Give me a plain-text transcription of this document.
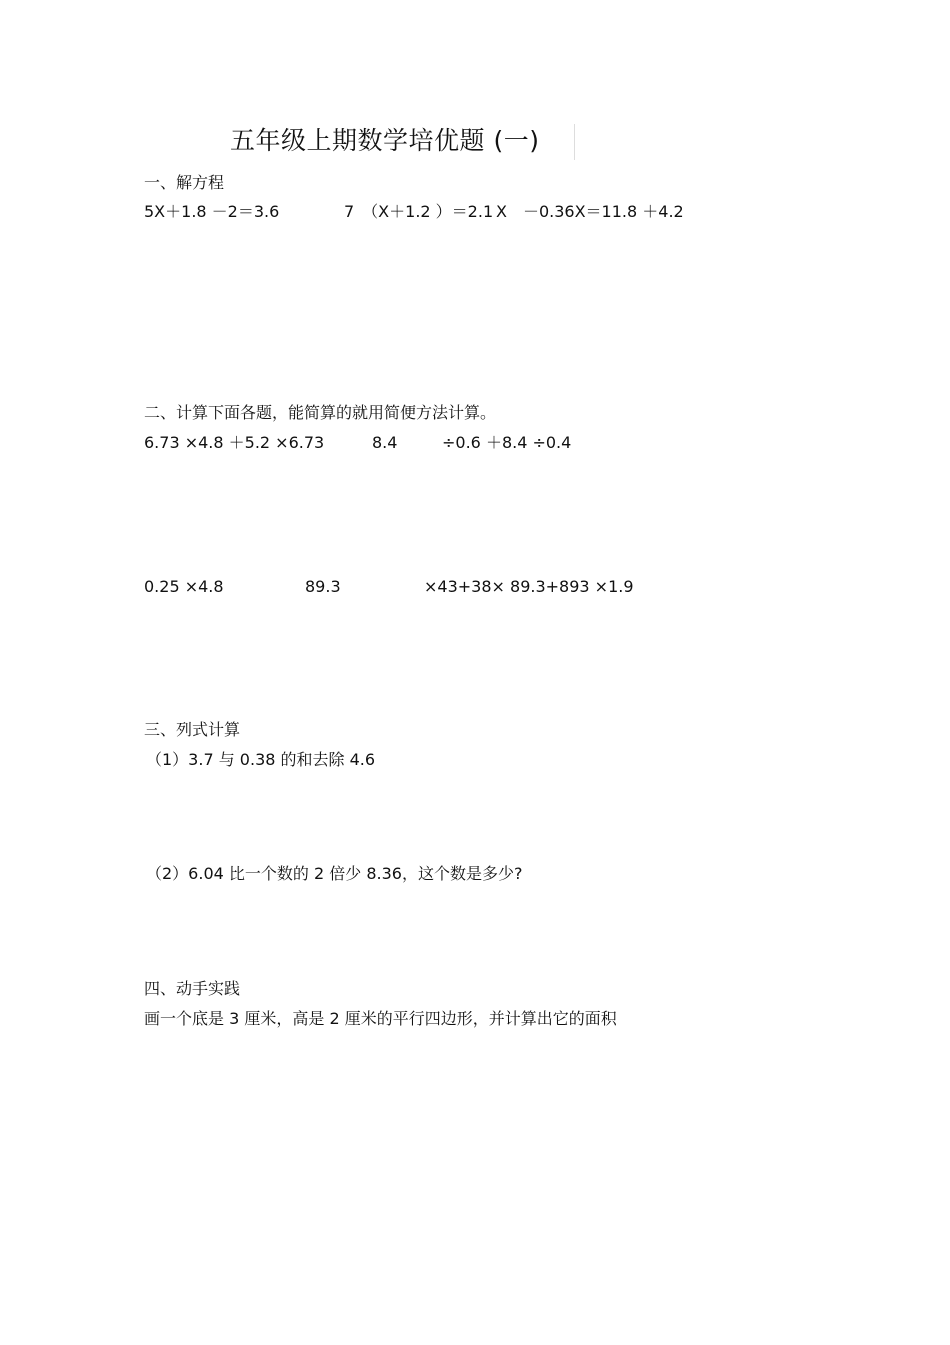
五年级上期数学培优题 (一)
一、解方程
5X＋1.8 －2＝3.6	7　（X＋1.2 ）＝2.1 X　－0.36X＝11.8 ＋4.2
二、计算下面各题，能简算的就用简便方法计算。
6.73 ×4.8 ＋5.2 ×6.73	8.4	÷0.6 ＋8.4 ÷0.4
0.25 ×4.8	89.3	×43+38× 89.3+893 ×1.9
三、列式计算
（1）3.7 与 0.38 的和去除 4.6
（2）6.04 比一个数的 2 倍少 8.36，这个数是多少?
四、动手实践
画一个底是 3 厘米，高是 2 厘米的平行四边形，并计算出它的面积
